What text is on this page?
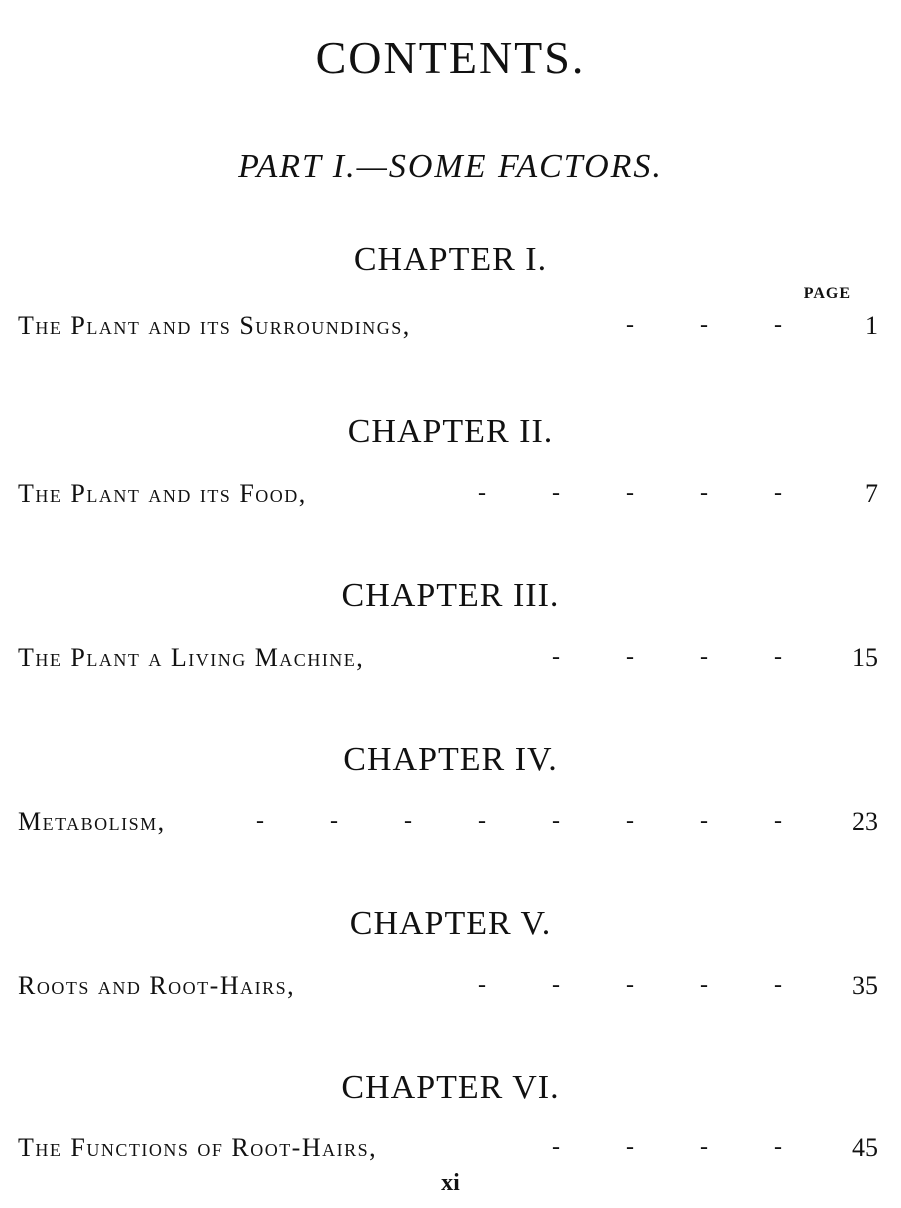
CONTENTS.
PART I.—SOME FACTORS.
CHAPTER I.
PAGE
The Plant and its Surroundings,	-	-	-	1
CHAPTER II.
The Plant and its Food,	-	-	-	-	-	7
CHAPTER III.
The Plant a Living Machine,	-	-	-	-	15
CHAPTER IV.
Metabolism,	-	-	-	-	-	-	-	-	23
CHAPTER V.
Roots and Root-Hairs,	-	-	-	-	-	35
CHAPTER VI.
The Functions of Root-Hairs,	-	-	-	-	45
xi
